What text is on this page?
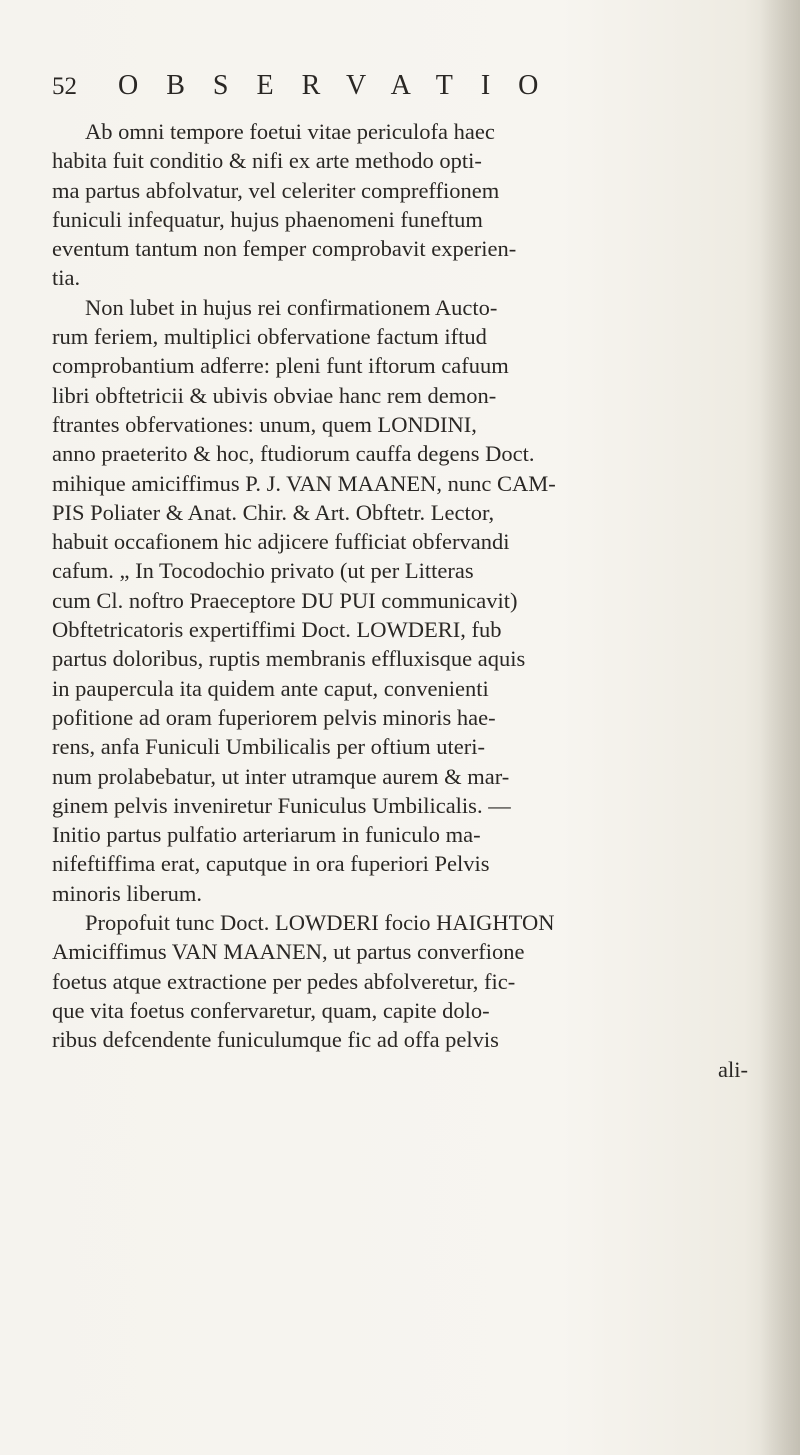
52	OBSERVATIO
Ab omni tempore foetui vitae periculofa haec
habita fuit conditio & nifi ex arte methodo opti-
ma partus abfolvatur, vel celeriter compreffionem
funiculi infequatur, hujus phaenomeni funeftum
eventum tantum non femper comprobavit experien-
tia.
Non lubet in hujus rei confirmationem Aucto-
rum feriem, multiplici obfervatione factum iftud
comprobantium adferre: pleni funt iftorum cafuum
libri obftetricii & ubivis obviae hanc rem demon-
ftrantes obfervationes: unum, quem LONDINI,
anno praeterito & hoc, ftudiorum cauffa degens Doct.
mihique amiciffimus P. J. VAN MAANEN, nunc CAM-
PIS Poliater & Anat. Chir. & Art. Obftetr. Lector,
habuit occafionem hic adjicere fufficiat obfervandi
cafum. „ In Tocodochio privato (ut per Litteras
cum Cl. noftro Praeceptore DU PUI communicavit)
Obftetricatoris expertiffimi Doct. LOWDERI, fub
partus doloribus, ruptis membranis effluxisque aquis
in paupercula ita quidem ante caput, convenienti
pofitione ad oram fuperiorem pelvis minoris hae-
rens, anfa Funiculi Umbilicalis per oftium uteri-
num prolabebatur, ut inter utramque aurem & mar-
ginem pelvis inveniretur Funiculus Umbilicalis. —
Initio partus pulfatio arteriarum in funiculo ma-
nifeftiffima erat, caputque in ora fuperiori Pelvis
minoris liberum.
Propofuit tunc Doct. LOWDERI focio HAIGHTON
Amiciffimus VAN MAANEN, ut partus converfione
foetus atque extractione per pedes abfolveretur, fic-
que vita foetus confervaretur, quam, capite dolo-
ribus defcendente funiculumque fic ad offa pelvis
ali-
